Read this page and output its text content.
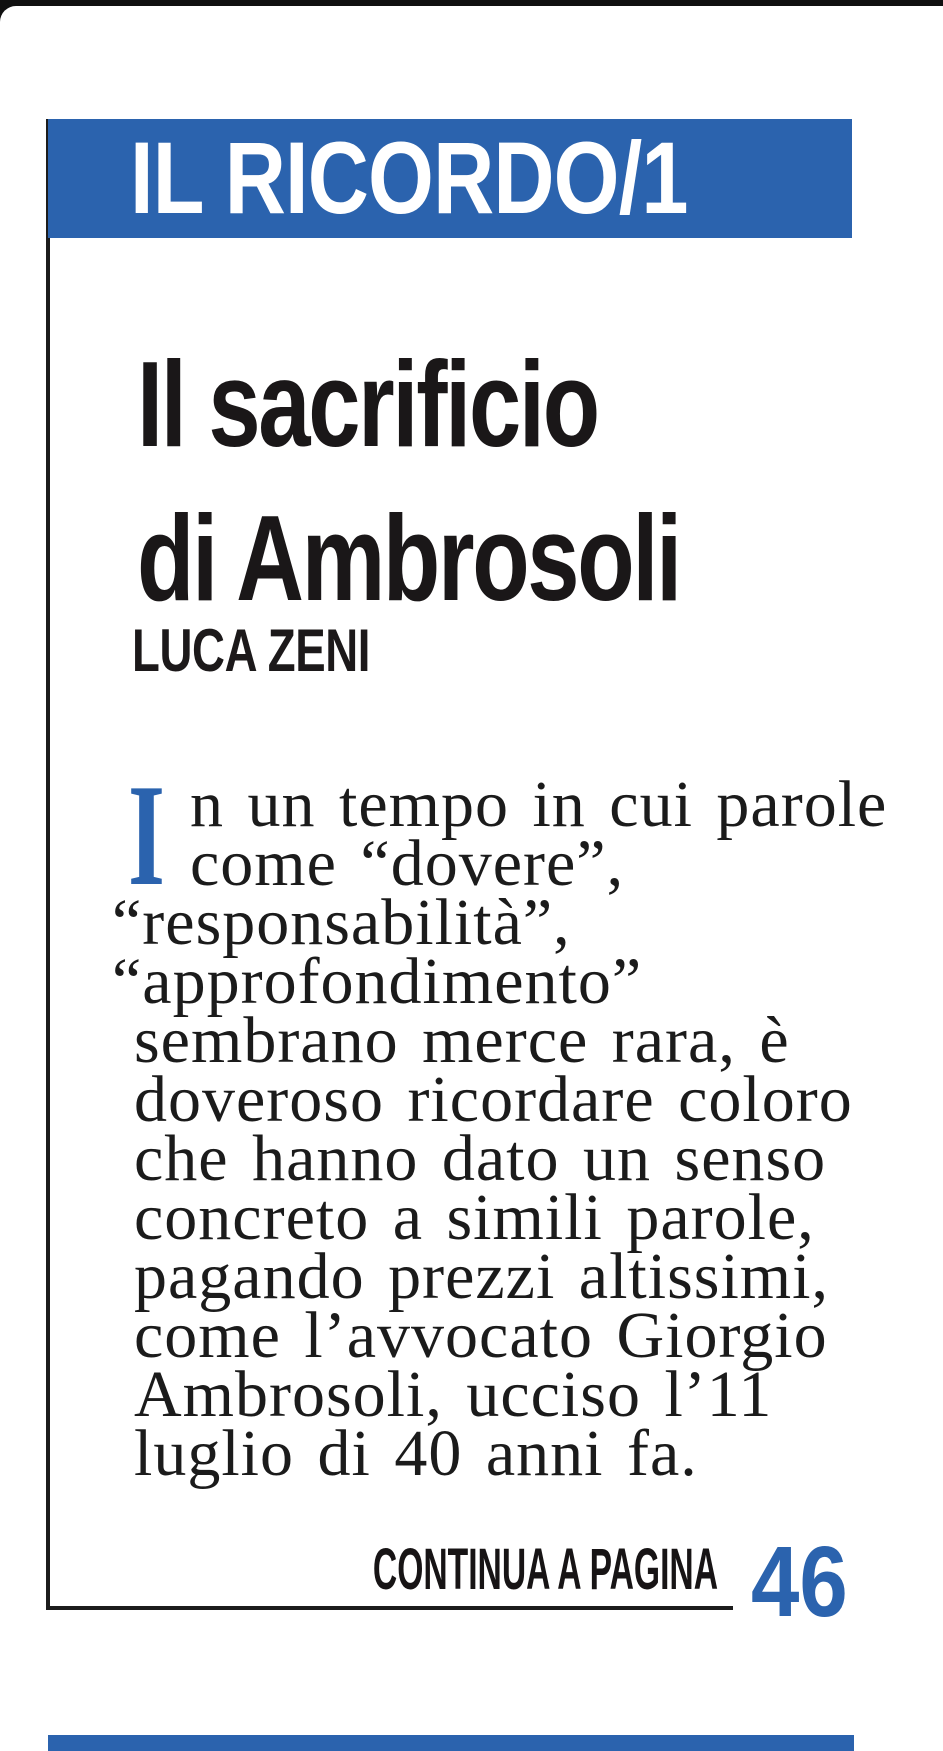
IL RICORDO/1
Il sacrificio
di Ambrosoli
LUCA ZENI
I n un tempo in cui parole
come “dovere”,
“responsabilità”,
“approfondimento”
sembrano merce rara, è
doveroso ricordare coloro
che hanno dato un senso
concreto a simili parole,
pagando prezzi altissimi,
come l’avvocato Giorgio
Ambrosoli, ucciso l’11
luglio di 40 anni fa.
CONTINUA A PAGINA 46
